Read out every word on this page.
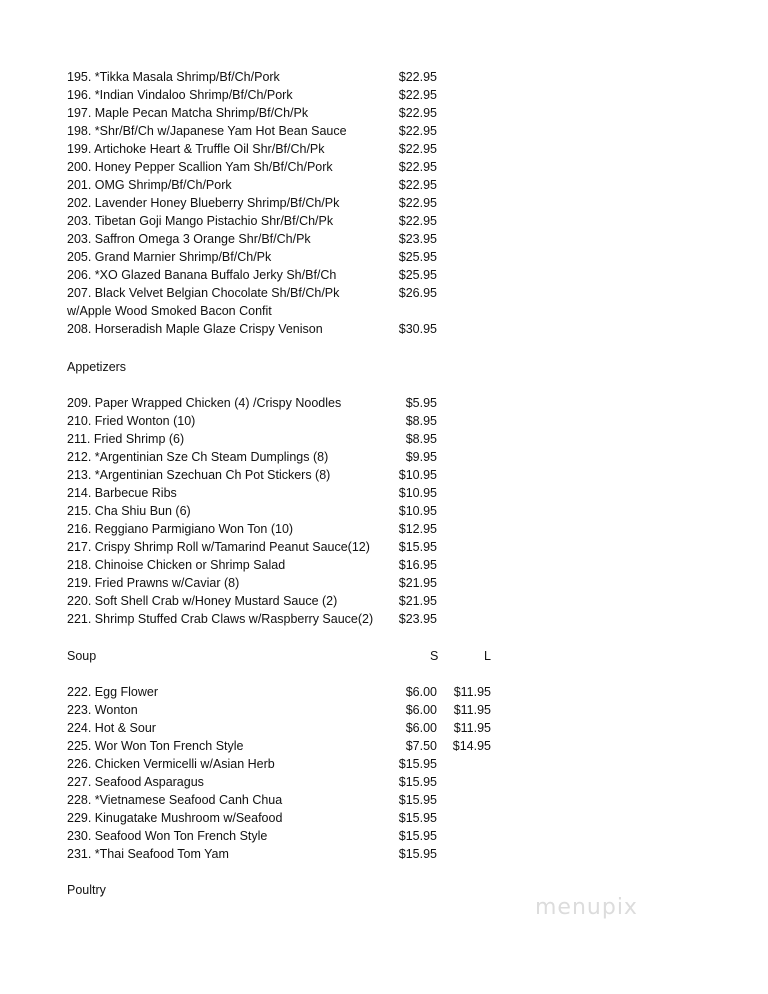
195. *Tikka Masala Shrimp/Bf/Ch/Pork	$22.95
196. *Indian Vindaloo Shrimp/Bf/Ch/Pork	$22.95
197. Maple Pecan Matcha Shrimp/Bf/Ch/Pk	$22.95
198. *Shr/Bf/Ch w/Japanese Yam Hot Bean Sauce	$22.95
199. Artichoke Heart & Truffle Oil Shr/Bf/Ch/Pk	$22.95
200. Honey Pepper Scallion Yam Sh/Bf/Ch/Pork	$22.95
201. OMG Shrimp/Bf/Ch/Pork	$22.95
202. Lavender Honey Blueberry Shrimp/Bf/Ch/Pk	$22.95
203. Tibetan Goji Mango Pistachio Shr/Bf/Ch/Pk	$22.95
203. Saffron Omega 3 Orange Shr/Bf/Ch/Pk	$23.95
205. Grand Marnier Shrimp/Bf/Ch/Pk	$25.95
206. *XO Glazed Banana Buffalo Jerky Sh/Bf/Ch	$25.95
207. Black Velvet Belgian Chocolate Sh/Bf/Ch/Pk	$26.95
w/Apple Wood Smoked Bacon Confit
208. Horseradish Maple Glaze Crispy Venison	$30.95
Appetizers
209. Paper Wrapped Chicken (4) /Crispy Noodles	$5.95
210. Fried Wonton (10)	$8.95
211. Fried Shrimp (6)	$8.95
212. *Argentinian Sze Ch Steam Dumplings (8)	$9.95
213. *Argentinian Szechuan Ch Pot Stickers (8)	$10.95
214. Barbecue Ribs	$10.95
215. Cha Shiu Bun (6)	$10.95
216. Reggiano Parmigiano Won Ton (10)	$12.95
217. Crispy Shrimp Roll w/Tamarind Peanut Sauce(12) $15.95
218. Chinoise Chicken or Shrimp Salad	$16.95
219. Fried Prawns w/Caviar (8)	$21.95
220. Soft Shell Crab w/Honey Mustard Sauce (2)	$21.95
221. Shrimp Stuffed Crab Claws w/Raspberry Sauce(2) $23.95
Soup	S	L
222. Egg Flower	$6.00 $11.95
223. Wonton	$6.00 $11.95
224. Hot & Sour	$6.00 $11.95
225. Wor Won Ton French Style	$7.50 $14.95
226. Chicken Vermicelli w/Asian Herb	$15.95
227. Seafood Asparagus	$15.95
228. *Vietnamese Seafood Canh Chua	$15.95
229. Kinugatake Mushroom w/Seafood	$15.95
230. Seafood Won Ton French Style	$15.95
231. *Thai Seafood Tom Yam	$15.95
Poultry
menupix
